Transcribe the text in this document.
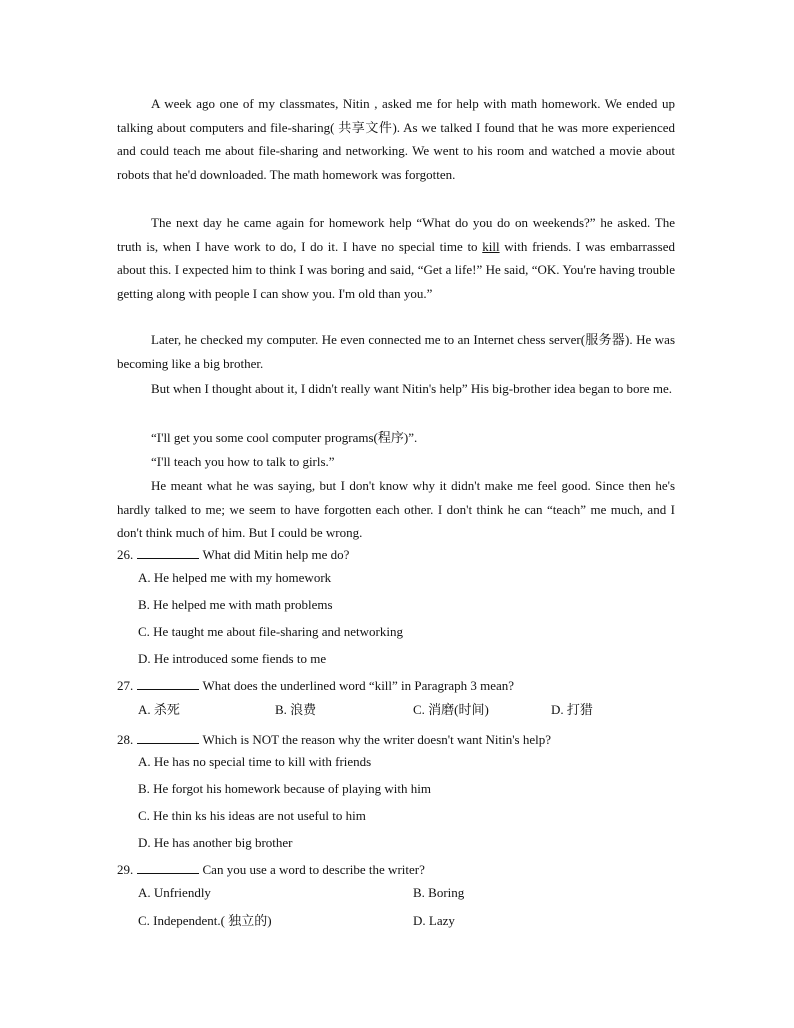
A week ago one of my classmates, Nitin , asked me for help with math homework. We ended up talking about computers and file-sharing( 共享文件). As we talked I found that he was more experienced and could teach me about file-sharing and networking. We went to his room and watched a movie about robots that he'd downloaded. The math homework was forgotten.

The next day he came again for homework help “What do you do on weekends?” he asked. The truth is, when I have work to do, I do it. I have no special time to kill with friends. I was embarrassed about this. I expected him to think I was boring and said, “Get a life!” He said, “OK. You're having trouble getting along with people I can show you. I'm old than you.”

Later, he checked my computer. He even connected me to an Internet chess server(服务器). He was becoming like a big brother.

But when I thought about it, I didn't really want Nitin's help” His big-brother idea began to bore me.

“I'll get you some cool computer programs(程序)”.

“I'll teach you how to talk to girls.”

He meant what he was saying, but I don't know why it didn't make me feel good. Since then he's hardly talked to me; we seem to have forgotten each other. I don't think he can “teach” me much, and I don't think much of him. But I could be wrong.

26.	What did Mitin help me do?
A. He helped me with my homework
B. He helped me with math problems
C. He taught me about file-sharing and networking
D. He introduced some fiends to me
27.	What does the underlined word “kill” in Paragraph 3 mean?
A. 杀死	B. 浪费	C. 消磨(时间)	D. 打猎
28.	Which is NOT the reason why the writer doesn't want Nitin's help?
A. He has no special time to kill with friends
B. He forgot his homework because of playing with him
C. He thin ks his ideas are not useful to him
D. He has another big brother
29.	Can you use a word to describe the writer?
A. Unfriendly	B. Boring
C. Independent.( 独立的)	D. Lazy
